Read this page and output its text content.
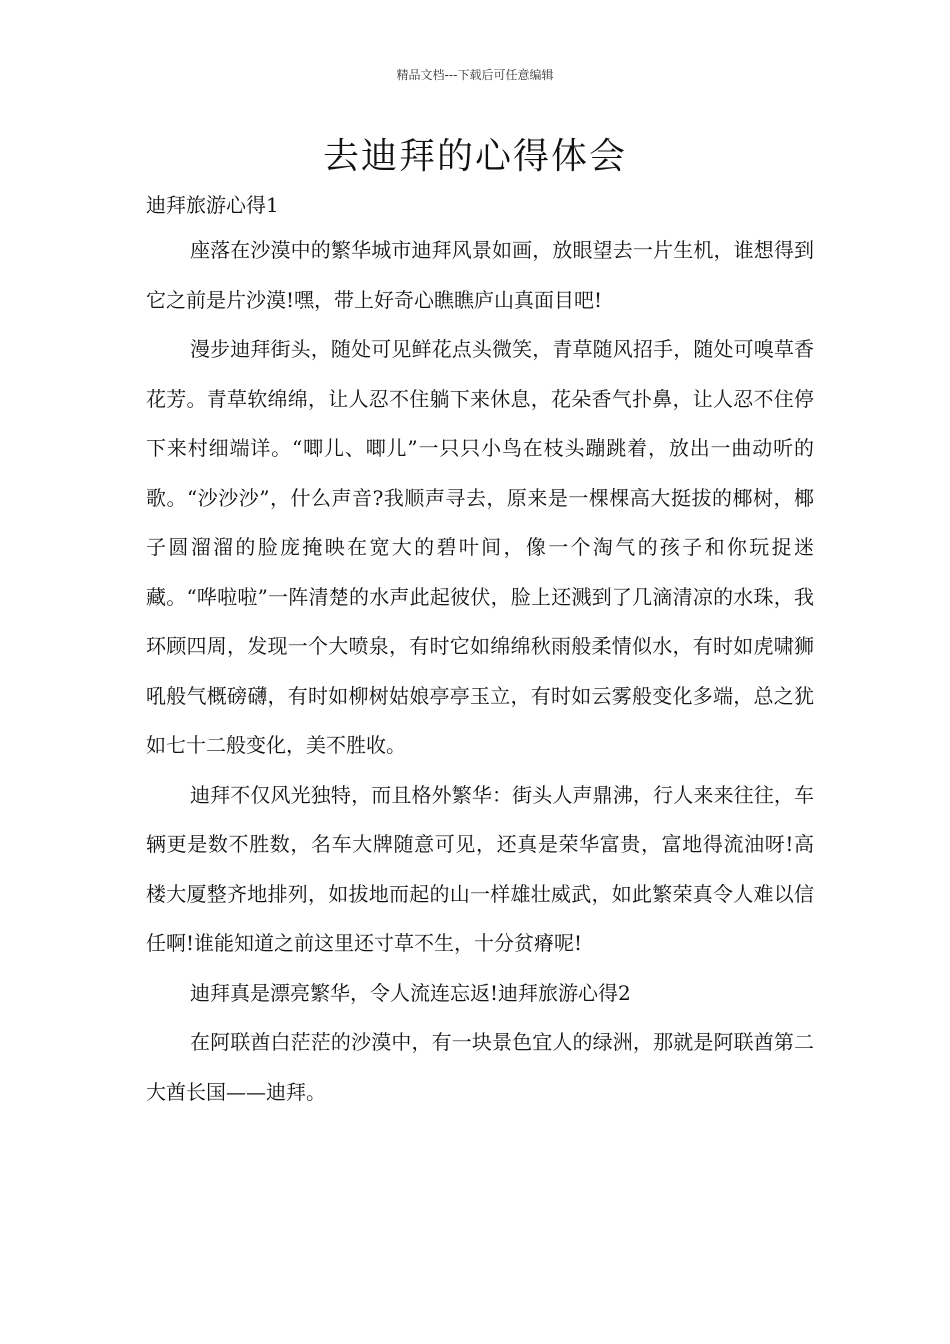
精品文档---下载后可任意编辑
去迪拜的心得体会
迪拜旅游心得1

座落在沙漠中的繁华城市迪拜风景如画，放眼望去一片生机，谁想得到它之前是片沙漠!嘿，带上好奇心瞧瞧庐山真面目吧!

漫步迪拜街头，随处可见鲜花点头微笑，青草随风招手，随处可嗅草香花芳。青草软绵绵，让人忍不住躺下来休息，花朵香气扑鼻，让人忍不住停下来村细端详。“唧儿、唧儿”一只只小鸟在枝头蹦跳着，放出一曲动听的歌。“沙沙沙”，什么声音?我顺声寻去，原来是一棵棵高大挺拔的椰树，椰子圆溜溜的脸庞掩映在宽大的碧叶间，像一个淘气的孩子和你玩捉迷藏。“哗啦啦”一阵清楚的水声此起彼伏，脸上还溅到了几滴清凉的水珠，我环顾四周，发现一个大喷泉，有时它如绵绵秋雨般柔情似水，有时如虎啸狮吼般气概磅礴，有时如柳树姑娘亭亭玉立，有时如云雾般变化多端，总之犹如七十二般变化，美不胜收。

迪拜不仅风光独特，而且格外繁华：街头人声鼎沸，行人来来往往，车辆更是数不胜数，名车大牌随意可见，还真是荣华富贵，富地得流油呀!高楼大厦整齐地排列，如拔地而起的山一样雄壮威武，如此繁荣真令人难以信任啊!谁能知道之前这里还寸草不生，十分贫瘠呢!

迪拜真是漂亮繁华，令人流连忘返!迪拜旅游心得2

在阿联酋白茫茫的沙漠中，有一块景色宜人的绿洲，那就是阿联酋第二大酋长国——迪拜。
